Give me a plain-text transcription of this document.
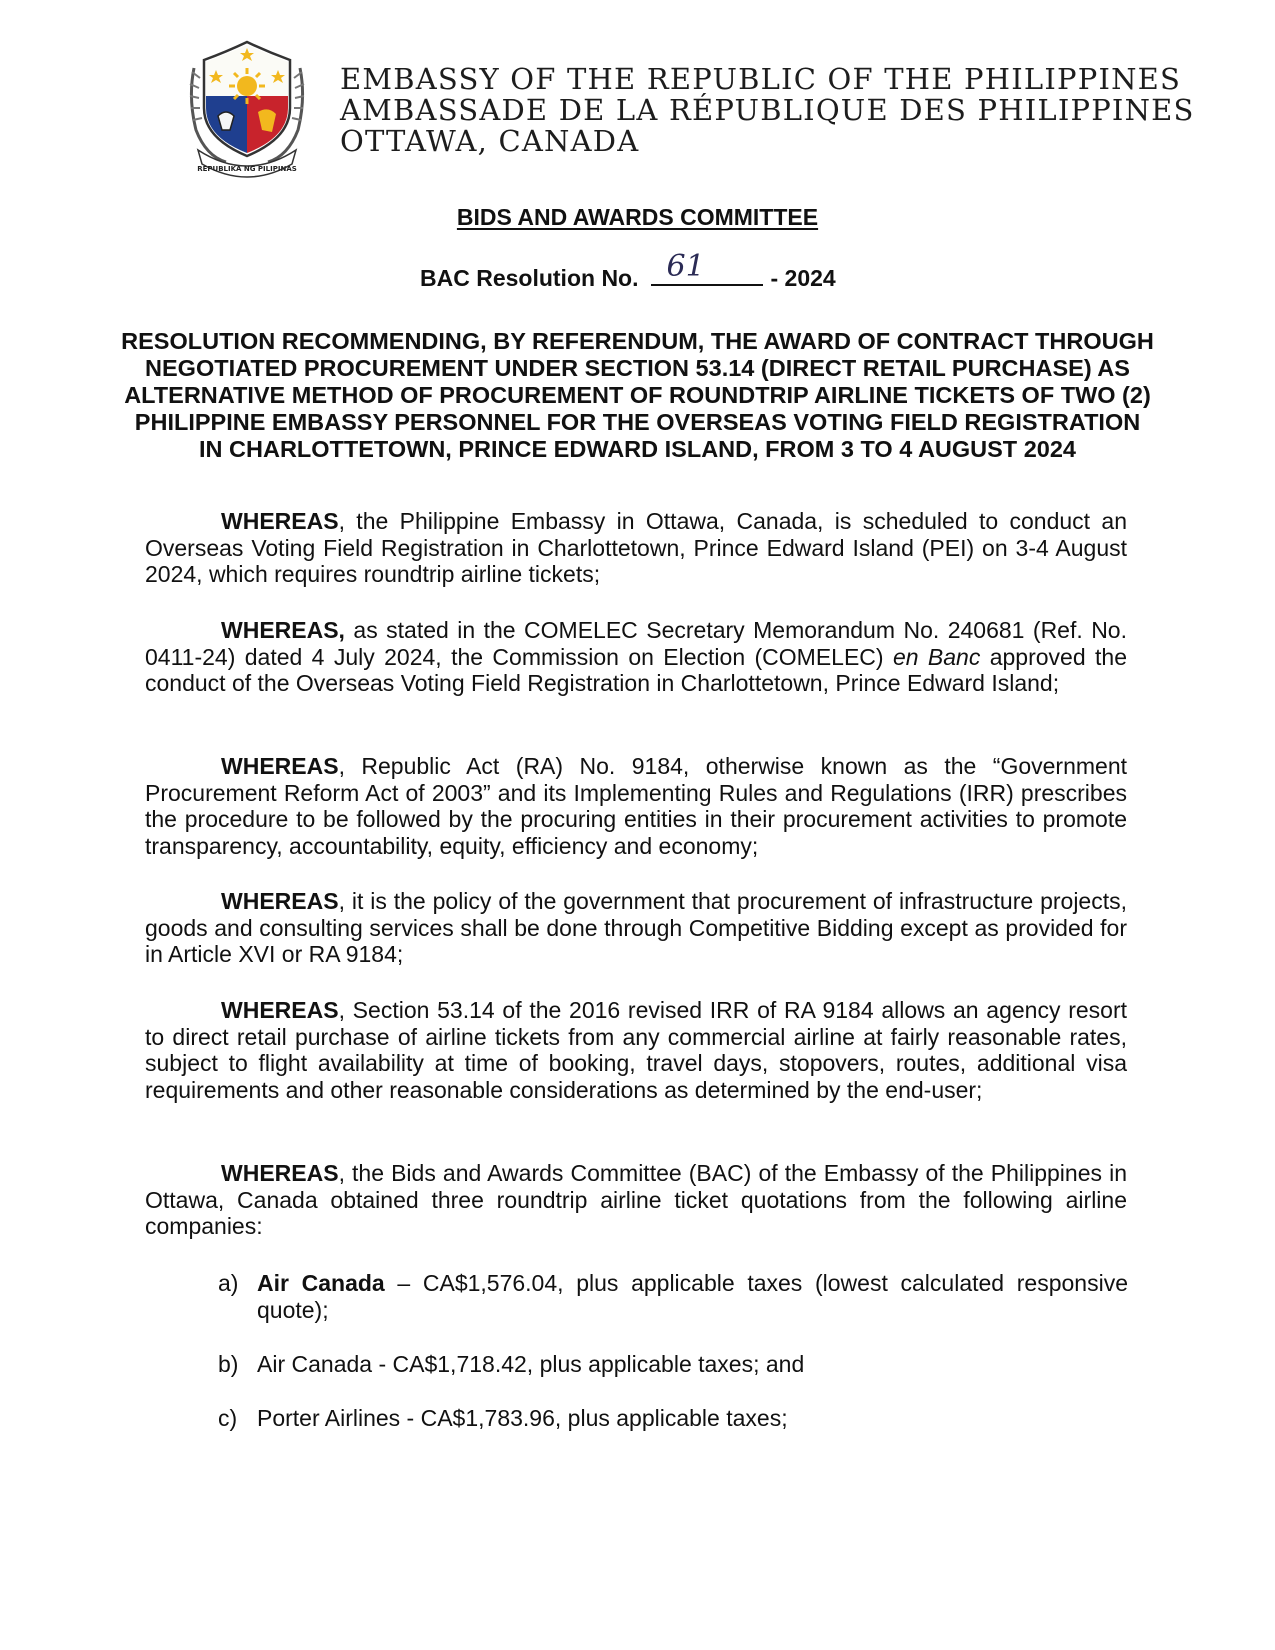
REPUBLIKA NG PILIPINAS
EMBASSY OF THE REPUBLIC OF THE PHILIPPINES
AMBASSADE DE LA RÉPUBLIQUE DES PHILIPPINES
OTTAWA, CANADA
BIDS AND AWARDS COMMITTEE
BAC Resolution No. 61	- 2024
RESOLUTION RECOMMENDING, BY REFERENDUM, THE AWARD OF CONTRACT THROUGH NEGOTIATED PROCUREMENT UNDER SECTION 53.14 (DIRECT RETAIL PURCHASE) AS ALTERNATIVE METHOD OF PROCUREMENT OF ROUNDTRIP AIRLINE TICKETS OF TWO (2) PHILIPPINE EMBASSY PERSONNEL FOR THE OVERSEAS VOTING FIELD REGISTRATION IN CHARLOTTETOWN, PRINCE EDWARD ISLAND, FROM 3 TO 4 AUGUST 2024

WHEREAS, the Philippine Embassy in Ottawa, Canada, is scheduled to conduct an Overseas Voting Field Registration in Charlottetown, Prince Edward Island (PEI) on 3-4 August 2024, which requires roundtrip airline tickets;

WHEREAS, as stated in the COMELEC Secretary Memorandum No. 240681 (Ref. No. 0411-24) dated 4 July 2024, the Commission on Election (COMELEC) en Banc approved the conduct of the Overseas Voting Field Registration in Charlottetown, Prince Edward Island;

WHEREAS, Republic Act (RA) No. 9184, otherwise known as the “Government Procurement Reform Act of 2003” and its Implementing Rules and Regulations (IRR) prescribes the procedure to be followed by the procuring entities in their procurement activities to promote transparency, accountability, equity, efficiency and economy;

WHEREAS, it is the policy of the government that procurement of infrastructure projects, goods and consulting services shall be done through Competitive Bidding except as provided for in Article XVI or RA 9184;

WHEREAS, Section 53.14 of the 2016 revised IRR of RA 9184 allows an agency resort to direct retail purchase of airline tickets from any commercial airline at fairly reasonable rates, subject to flight availability at time of booking, travel days, stopovers, routes, additional visa requirements and other reasonable considerations as determined by the end-user;

WHEREAS, the Bids and Awards Committee (BAC) of the Embassy of the Philippines in Ottawa, Canada obtained three roundtrip airline ticket quotations from the following airline companies:

a) Air Canada – CA$1,576.04, plus applicable taxes (lowest calculated responsive quote);
b) Air Canada - CA$1,718.42, plus applicable taxes; and
c) Porter Airlines - CA$1,783.96, plus applicable taxes;
